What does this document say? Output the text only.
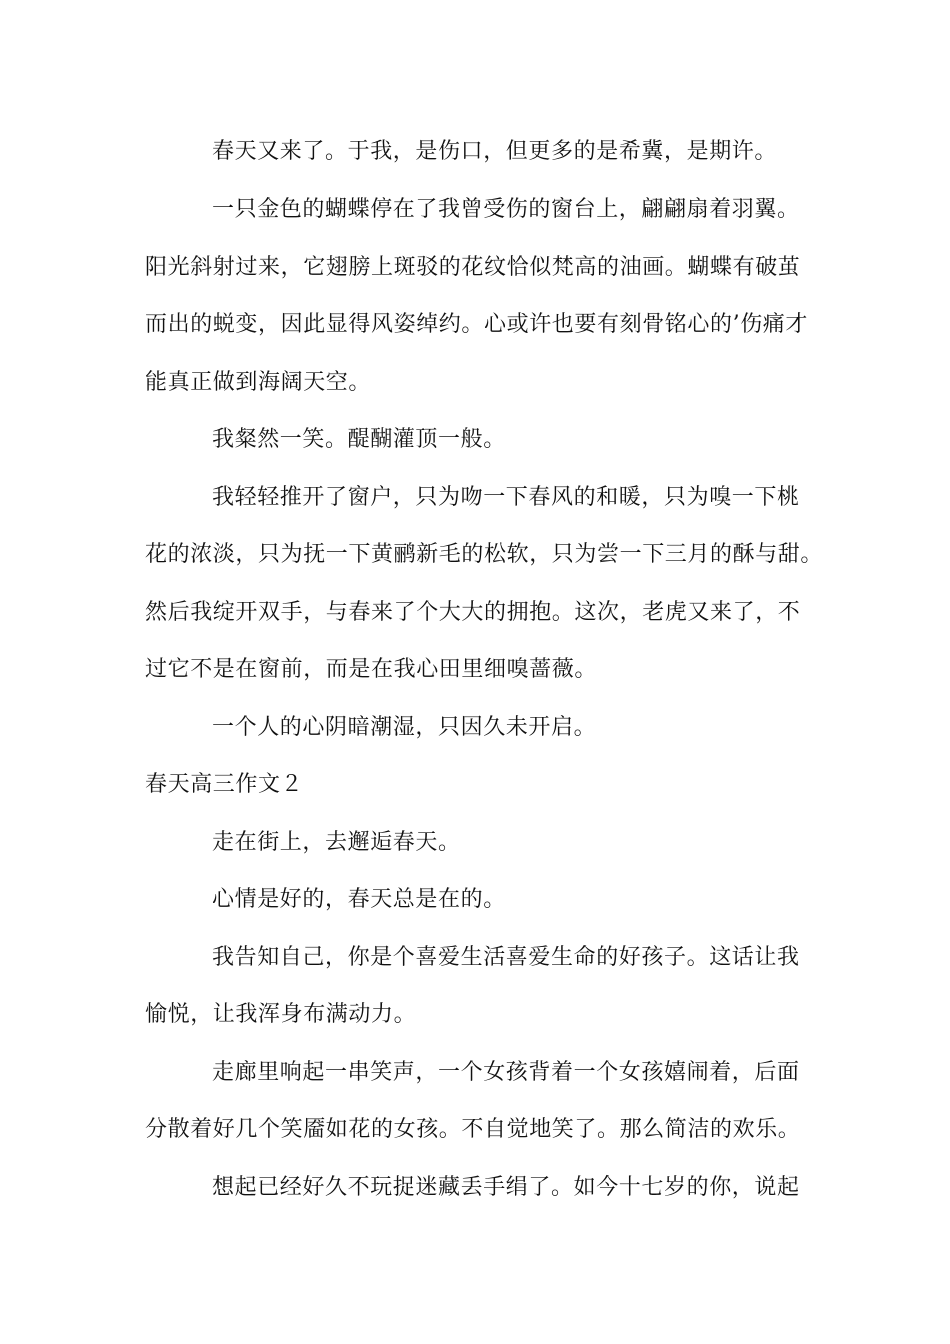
春天又来了。于我，是伤口，但更多的是希冀，是期许。
一只金色的蝴蝶停在了我曾受伤的窗台上，翩翩扇着羽翼。
阳光斜射过来，它翅膀上斑驳的花纹恰似梵高的油画。蝴蝶有破茧
而出的蜕变，因此显得风姿绰约。心或许也要有刻骨铭心的’伤痛才
能真正做到海阔天空。
我粲然一笑。醍醐灌顶一般。
我轻轻推开了窗户，只为吻一下春风的和暖，只为嗅一下桃
花的浓淡，只为抚一下黄鹂新毛的松软，只为尝一下三月的酥与甜。
然后我绽开双手，与春来了个大大的拥抱。这次，老虎又来了，不
过它不是在窗前，而是在我心田里细嗅蔷薇。
一个人的心阴暗潮湿，只因久未开启。
春天高三作文２
走在街上，去邂逅春天。
心情是好的，春天总是在的。
我告知自己，你是个喜爱生活喜爱生命的好孩子。这话让我
愉悦，让我浑身布满动力。
走廊里响起一串笑声，一个女孩背着一个女孩嬉闹着，后面
分散着好几个笑靥如花的女孩。不自觉地笑了。那么简洁的欢乐。
想起已经好久不玩捉迷藏丢手绢了。如今十七岁的你，说起
